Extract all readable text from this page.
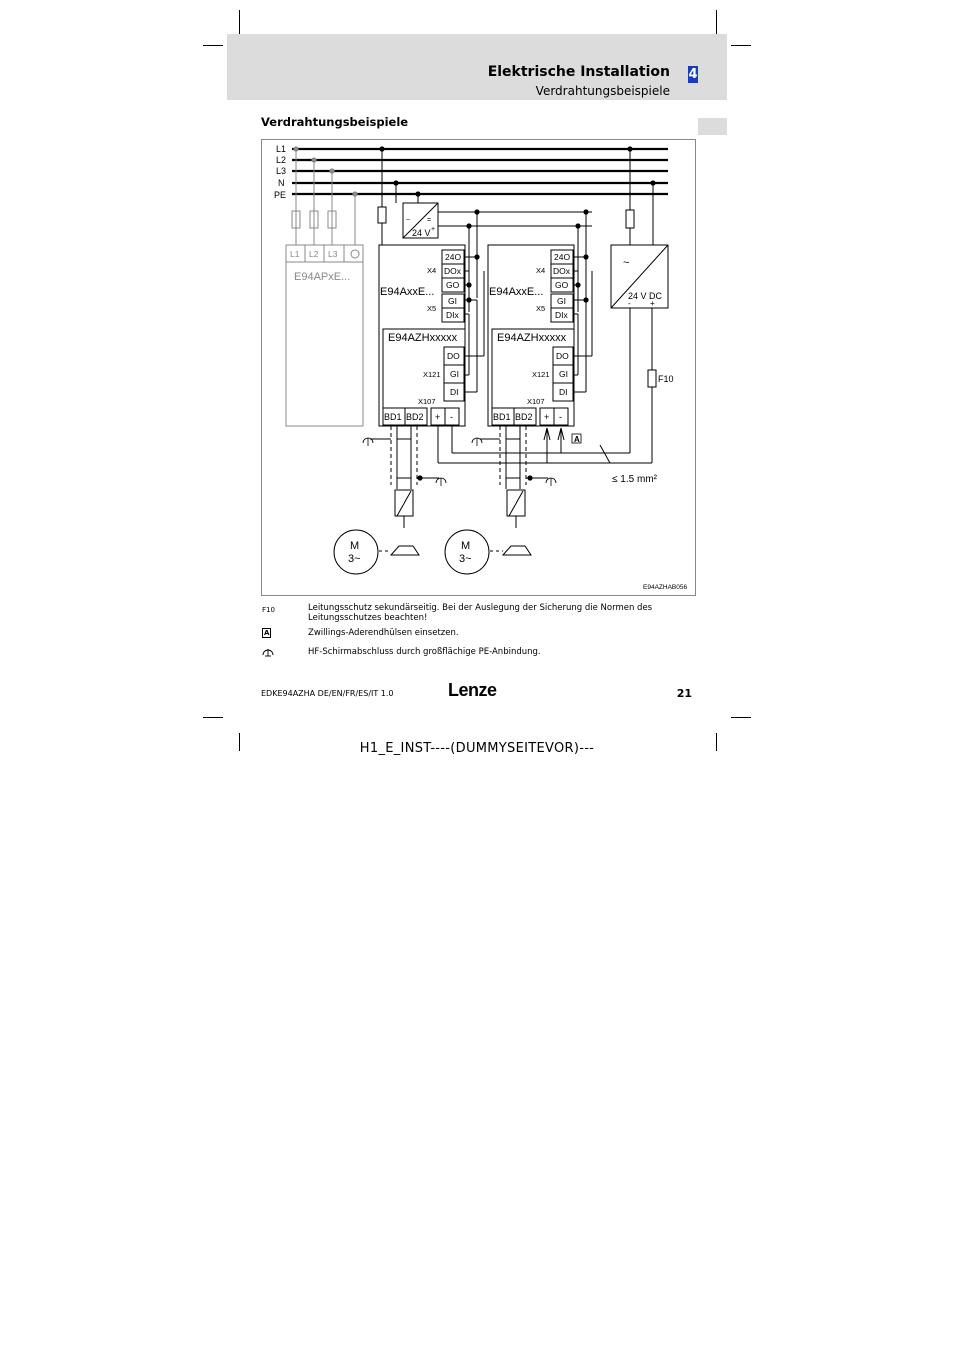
Elektrische Installation
Verdrahtungsbeispiele
4
Verdrahtungsbeispiele
L1
L2
L3
N
PE
L1 L2 L3
E94APxE...
~ =
24 V +
E94AxxE...
X4
24O
DOx
GO
X5
GI
DIx
E94AZHxxxxx
X121
DO
GI
DI
X107
BD1 BD2 + -
M
3~
E94AxxE...
X4
24O
DOx
GO
X5
GI
DIx
E94AZHxxxxx
X121
DO
GI
DI
X107
BD1 BD2 + -
M
3~
~
24 V DC
- +
F10
A
≤ 1.5 mm²
E94AZHAB056
F10	Leitungsschutz sekundärseitig. Bei der Auslegung der Sicherung die Normen des Leitungsschutzes beachten!
A	Zwillings-Aderendhülsen einsetzen.
HF-Schirmabschluss durch großflächige PE-Anbindung.
EDKE94AZHA DE/EN/FR/ES/IT 1.0	Lenze	21
H1_E_INST----(DUMMYSEITEVOR)---
